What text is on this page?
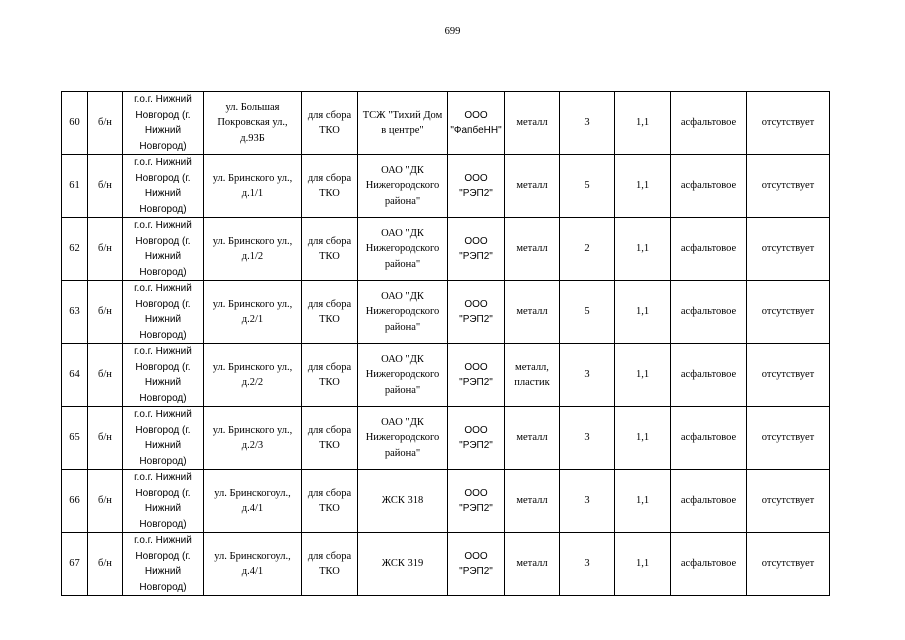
699
60	б/н	г.о.г. Нижний Новгород (г. Нижний Новгород)	ул. Большая Покровская ул., д.93Б	для сбора ТКО	ТСЖ "Тихий Дом в центре"	ООО "ФапбеНН"	металл	3	1,1	асфальтовое	отсутствует
61	б/н	г.о.г. Нижний Новгород (г. Нижний Новгород)	ул. Бринского ул., д.1/1	для сбора ТКО	ОАО "ДК Нижегородского района"	ООО "РЭП2"	металл	5	1,1	асфальтовое	отсутствует
62	б/н	г.о.г. Нижний Новгород (г. Нижний Новгород)	ул. Бринского ул., д.1/2	для сбора ТКО	ОАО "ДК Нижегородского района"	ООО "РЭП2"	металл	2	1,1	асфальтовое	отсутствует
63	б/н	г.о.г. Нижний Новгород (г. Нижний Новгород)	ул. Бринского ул., д.2/1	для сбора ТКО	ОАО "ДК Нижегородского района"	ООО "РЭП2"	металл	5	1,1	асфальтовое	отсутствует
64	б/н	г.о.г. Нижний Новгород (г. Нижний Новгород)	ул. Бринского ул., д.2/2	для сбора ТКО	ОАО "ДК Нижегородского района"	ООО "РЭП2"	металл, пластик	3	1,1	асфальтовое	отсутствует
65	б/н	г.о.г. Нижний Новгород (г. Нижний Новгород)	ул. Бринского ул., д.2/3	для сбора ТКО	ОАО "ДК Нижегородского района"	ООО "РЭП2"	металл	3	1,1	асфальтовое	отсутствует
66	б/н	г.о.г. Нижний Новгород (г. Нижний Новгород)	ул. Бринскогоул., д.4/1	для сбора ТКО	ЖСК 318	ООО "РЭП2"	металл	3	1,1	асфальтовое	отсутствует
67	б/н	г.о.г. Нижний Новгород (г. Нижний Новгород)	ул. Бринскогоул., д.4/1	для сбора ТКО	ЖСК 319	ООО "РЭП2"	металл	3	1,1	асфальтовое	отсутствует
